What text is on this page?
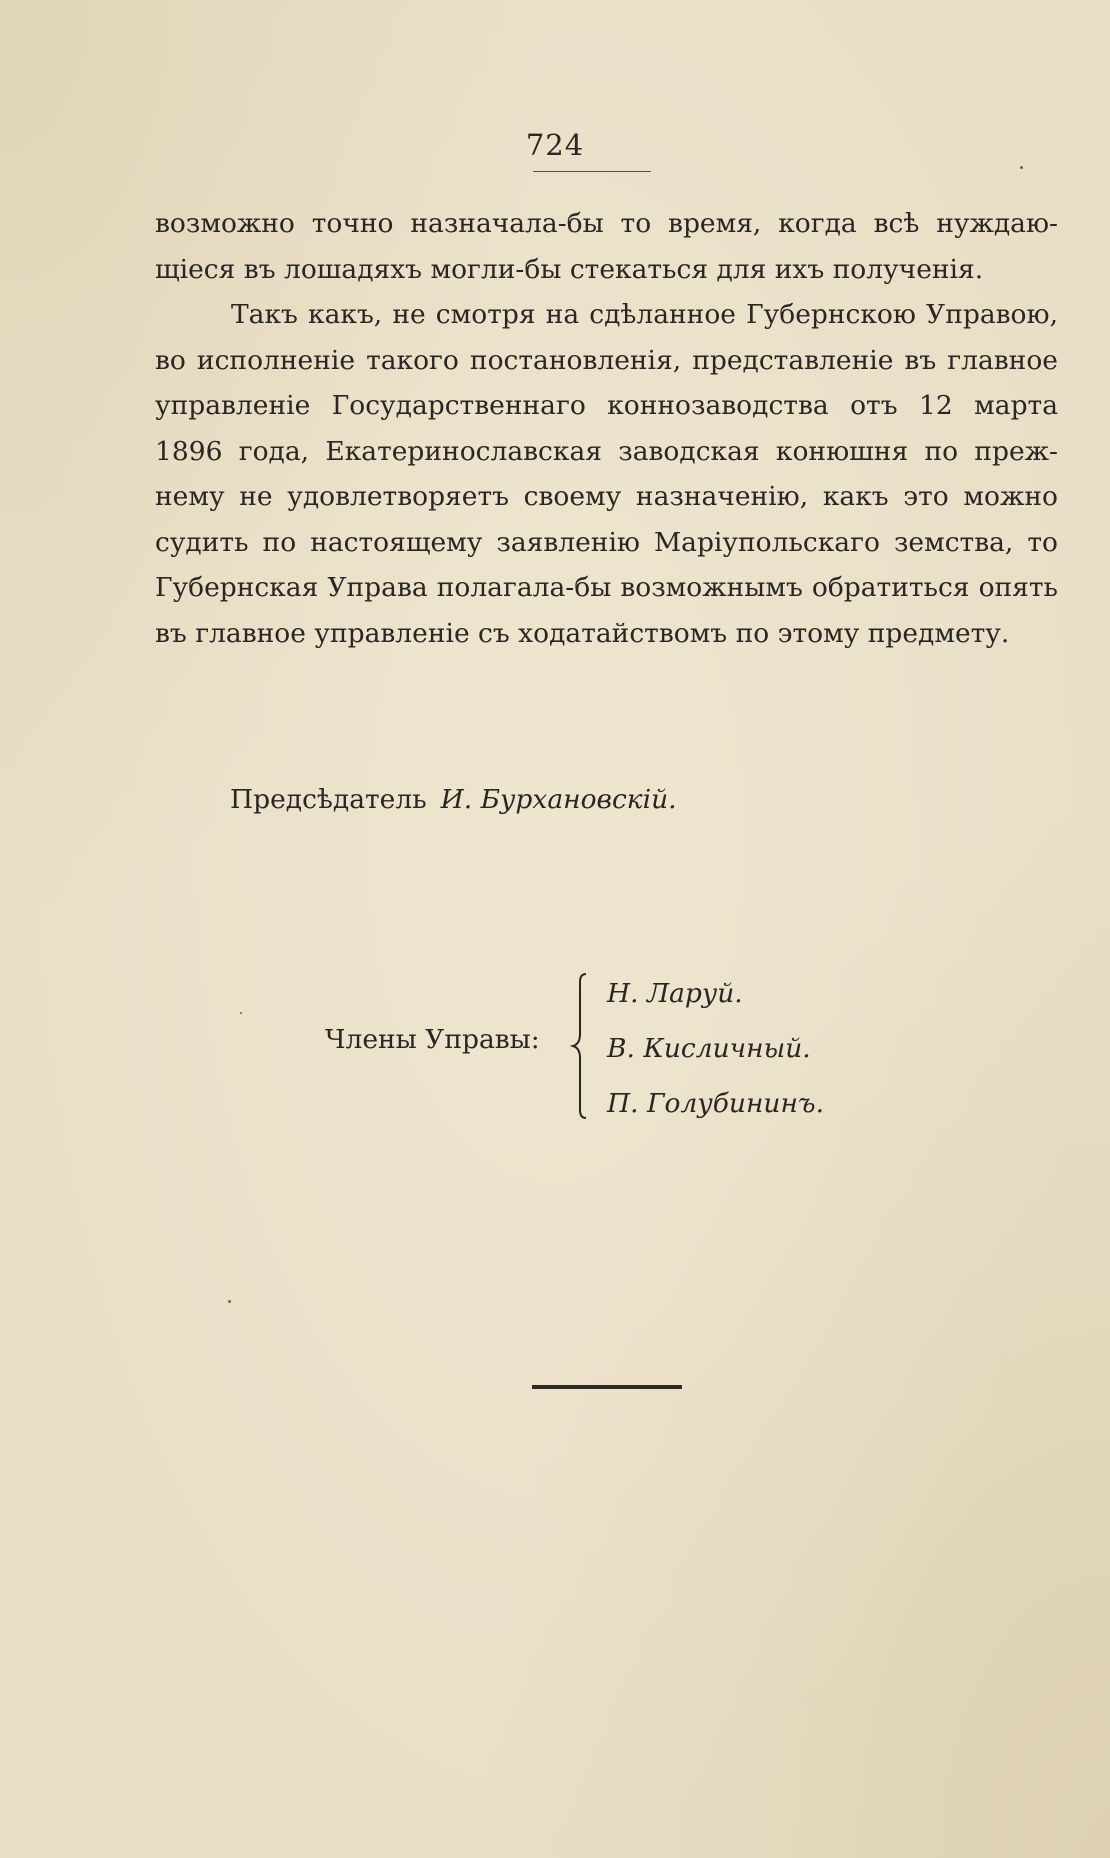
724

возможно точно назначала-бы то время, когда всѣ нуждающіеся въ лошадяхъ могли-бы стекаться для ихъ полученія.

Такъ какъ, не смотря на сдѣланное Губернскою Управою, во исполненіе такого постановленія, представленіе въ главное управленіе Государственнаго коннозаводства отъ 12 марта 1896 года, Екатеринославская заводская конюшня по прежнему не удовлетворяетъ своему назначенію, какъ это можно судить по настоящему заявленію Маріупольскаго земства, то Губернская Управа полагала-бы возможнымъ обратиться опять въ главное управленіе съ ходатайствомъ по этому предмету.

Предсѣдатель И. Бурхановскій.
Члены Управы:
Н. Ларуй.
В. Кисличный.
П. Голубининъ.
